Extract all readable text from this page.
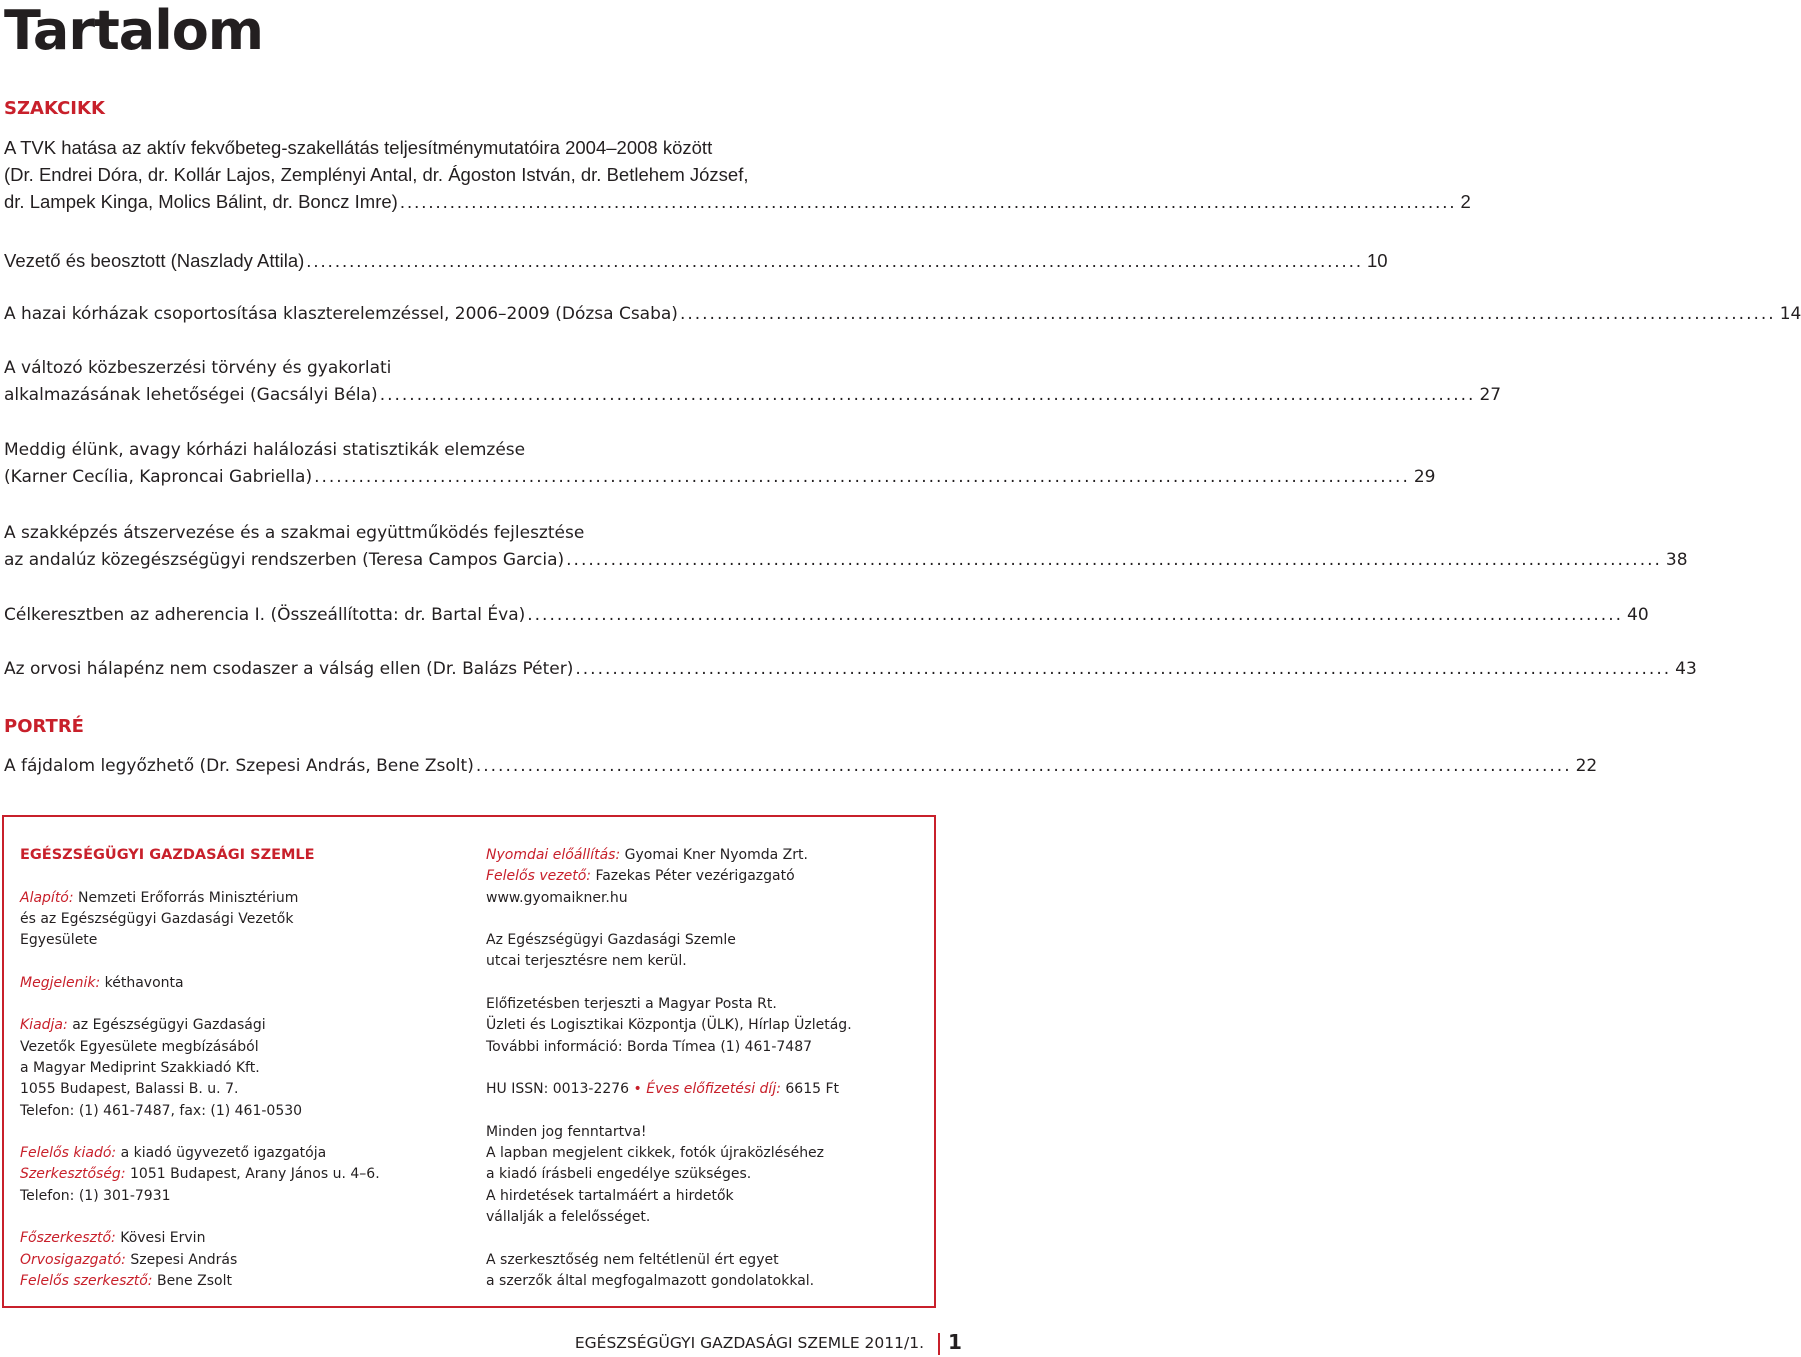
Tartalom
SZAKCIKK
A TVK hatása az aktív fekvőbeteg-szakellátás teljesítménymutatóira 2004–2008 között
(Dr. Endrei Dóra, dr. Kollár Lajos, Zemplényi Antal, dr. Ágoston István, dr. Betlehem József,
dr. Lampek Kinga, Molics Bálint, dr. Boncz Imre) .....	2
Vezető és beosztott (Naszlady Attila) .....	10
A hazai kórházak csoportosítása klaszterelemzéssel, 2006–2009 (Dózsa Csaba) .....	14
A változó közbeszerzési törvény és gyakorlati
alkalmazásának lehetőségei (Gacsályi Béla) .....	27
Meddig élünk, avagy kórházi halálozási statisztikák elemzése
(Karner Cecília, Kaproncai Gabriella) .....	29
A szakképzés átszervezése és a szakmai együttműködés fejlesztése
az andalúz közegészségügyi rendszerben (Teresa Campos Garcia) .....	38
Célkeresztben az adherencia I. (Összeállította: dr. Bartal Éva) .....	40
Az orvosi hálapénz nem csodaszer a válság ellen (Dr. Balázs Péter) .....	43
PORTRÉ
A fájdalom legyőzhető (Dr. Szepesi András, Bene Zsolt) .....	22
EGÉSZSÉGÜGYI GAZDASÁGI SZEMLE
Alapító: Nemzeti Erőforrás Minisztérium
és az Egészségügyi Gazdasági Vezetők
Egyesülete
Megjelenik: kéthavonta
Kiadja: az Egészségügyi Gazdasági
Vezetők Egyesülete megbízásából
a Magyar Mediprint Szakkiadó Kft.
1055 Budapest, Balassi B. u. 7.
Telefon: (1) 461-7487, fax: (1) 461-0530
Felelős kiadó: a kiadó ügyvezető igazgatója
Szerkesztőség: 1051 Budapest, Arany János u. 4–6.
Telefon: (1) 301-7931
Főszerkesztő: Kövesi Ervin
Orvosigazgató: Szepesi András
Felelős szerkesztő: Bene Zsolt
Nyomdai előállítás: Gyomai Kner Nyomda Zrt.
Felelős vezető: Fazekas Péter vezérigazgató
www.gyomaikner.hu
Az Egészségügyi Gazdasági Szemle
utcai terjesztésre nem kerül.
Előfizetésben terjeszti a Magyar Posta Rt.
Üzleti és Logisztikai Központja (ÜLK), Hírlap Üzletág.
További információ: Borda Tímea (1) 461-7487
HU ISSN: 0013-2276 • Éves előfizetési díj: 6615 Ft
Minden jog fenntartva!
A lapban megjelent cikkek, fotók újraközléséhez
a kiadó írásbeli engedélye szükséges.
A hirdetések tartalmáért a hirdetők
vállalják a felelősséget.
A szerkesztőség nem feltétlenül ért egyet
a szerzők által megfogalmazott gondolatokkal.
EGÉSZSÉGÜGYI GAZDASÁGI SZEMLE 2011/1. 1
